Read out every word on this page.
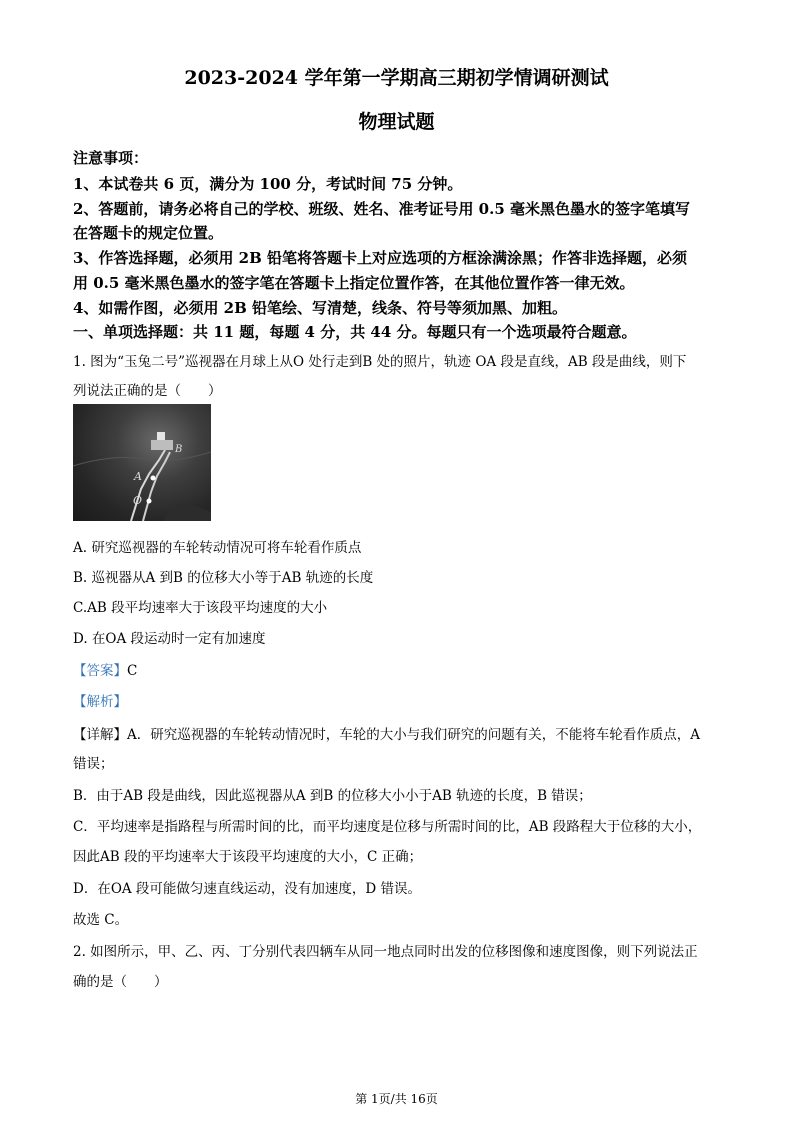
2023-2024 学年第一学期高三期初学情调研测试
物理试题
注意事项：
1、本试卷共 6 页，满分为 100 分，考试时间 75 分钟。
2、答题前，请务必将自己的学校、班级、姓名、准考证号用 0.5 毫米黑色墨水的签字笔填写
在答题卡的规定位置。
3、作答选择题，必须用 2B 铅笔将答题卡上对应选项的方框涂满涂黑；作答非选择题，必须
用 0.5 毫米黑色墨水的签字笔在答题卡上指定位置作答，在其他位置作答一律无效。
4、如需作图，必须用 2B 铅笔绘、写清楚，线条、符号等须加黑、加粗。
一、单项选择题：共 11 题，每题 4 分，共 44 分。每题只有一个选项最符合题意。
1. 图为“玉兔二号”巡视器在月球上从O 处行走到B 处的照片，轨迹 OA 段是直线，AB 段是曲线，则下
列说法正确的是（　　）
A
B
O
A. 研究巡视器的车轮转动情况可将车轮看作质点
B. 巡视器从A 到B 的位移大小等于AB 轨迹的长度
C.AB 段平均速率大于该段平均速度的大小
D. 在OA 段运动时一定有加速度
【答案】C
【解析】
【详解】A．研究巡视器的车轮转动情况时，车轮的大小与我们研究的问题有关，不能将车轮看作质点，A
错误；
B．由于AB 段是曲线，因此巡视器从A 到B 的位移大小小于AB 轨迹的长度，B 错误；
C．平均速率是指路程与所需时间的比，而平均速度是位移与所需时间的比，AB 段路程大于位移的大小，
因此AB 段的平均速率大于该段平均速度的大小，C 正确；
D．在OA 段可能做匀速直线运动，没有加速度，D 错误。
故选 C。
2. 如图所示，甲、乙、丙、丁分别代表四辆车从同一地点同时出发的位移图像和速度图像，则下列说法正
确的是（　　）
第 1页/共 16页
